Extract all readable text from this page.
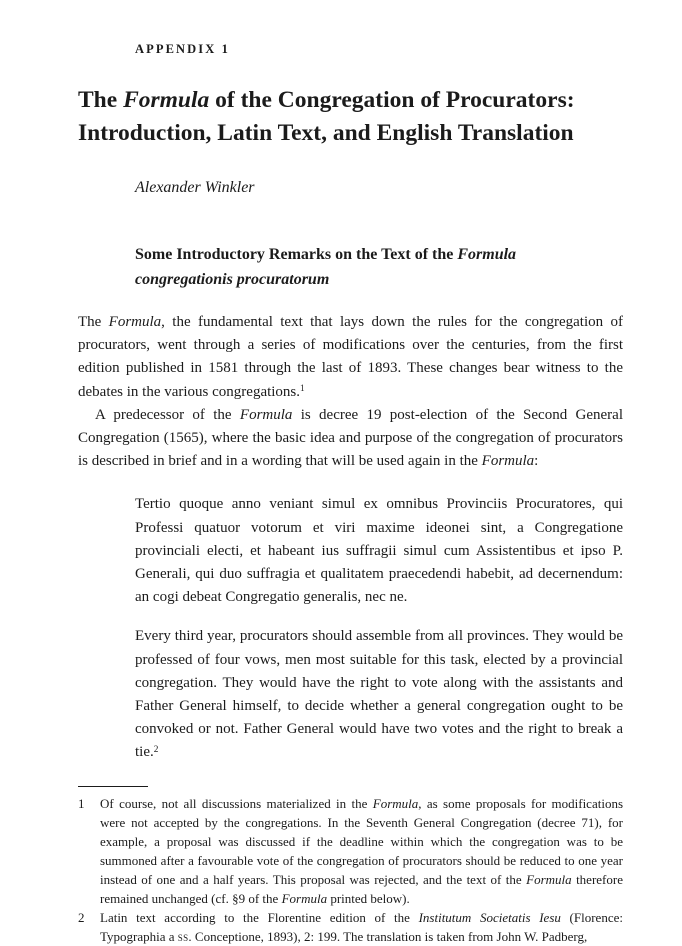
APPENDIX 1
The Formula of the Congregation of Procurators:
Introduction, Latin Text, and English Translation
Alexander Winkler
Some Introductory Remarks on the Text of the Formula
congregationis procuratorum

The Formula, the fundamental text that lays down the rules for the congregation of procurators, went through a series of modifications over the centuries, from the first edition published in 1581 through the last of 1893. These changes bear witness to the debates in the various congregations.$^1$

A predecessor of the Formula is decree 19 post-election of the Second General Congregation (1565), where the basic idea and purpose of the congregation of procurators is described in brief and in a wording that will be used again in the Formula:

Tertio quoque anno veniant simul ex omnibus Provinciis Procuratores, qui Professi quatuor votorum et viri maxime ideonei sint, a Congregatione provinciali electi, et habeant ius suffragii simul cum Assistentibus et ipso P. Generali, qui duo suffragia et qualitatem praecedendi habebit, ad decernendum: an cogi debeat Congregatio generalis, nec ne.
Every third year, procurators should assemble from all provinces. They would be professed of four vows, men most suitable for this task, elected by a provincial congregation. They would have the right to vote along with the assistants and Father General himself, to decide whether a general congregation ought to be convoked or not. Father General would have two votes and the right to break a tie.$^2$
1	Of course, not all discussions materialized in the Formula, as some proposals for modifications were not accepted by the congregations. In the Seventh General Congregation (decree 71), for example, a proposal was discussed if the deadline within which the congregation was to be summoned after a favourable vote of the congregation of procurators should be reduced to one year instead of one and a half years. This proposal was rejected, and the text of the Formula therefore remained unchanged (cf. §9 of the Formula printed below).
2	Latin text according to the Florentine edition of the Institutum Societatis Iesu (Florence: Typographia a ss. Conceptione, 1893), 2: 199. The translation is taken from John W. Padberg,
